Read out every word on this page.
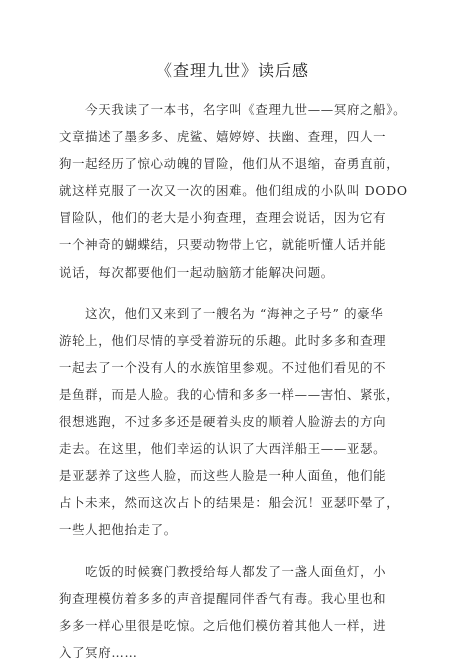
《查理九世》读后感
　　今天我读了一本书，名字叫《查理九世——冥府之船》。
文章描述了墨多多、虎鲨、嬉婷婷、扶幽、查理，四人一
狗一起经历了惊心动魄的冒险，他们从不退缩，奋勇直前，
就这样克服了一次又一次的困难。他们组成的小队叫 DODO
冒险队，他们的老大是小狗查理，查理会说话，因为它有
一个神奇的蝴蝶结，只要动物带上它，就能听懂人话并能
说话，每次都要他们一起动脑筋才能解决问题。
　　这次，他们又来到了一艘名为 “海神之子号” 的豪华
游轮上，他们尽情的享受着游玩的乐趣。此时多多和查理
一起去了一个没有人的水族馆里参观。不过他们看见的不
是鱼群，而是人脸。我的心情和多多一样——害怕、紧张，
很想逃跑，不过多多还是硬着头皮的顺着人脸游去的方向
走去。在这里，他们幸运的认识了大西洋船王——亚瑟。
是亚瑟养了这些人脸，而这些人脸是一种人面鱼，他们能
占卜未来，然而这次占卜的结果是：船会沉！亚瑟吓晕了，
一些人把他抬走了。
　　吃饭的时候赛门教授给每人都发了一盏人面鱼灯，小
狗查理模仿着多多的声音提醒同伴香气有毒。我心里也和
多多一样心里很是吃惊。之后他们模仿着其他人一样，进
入了冥府……
